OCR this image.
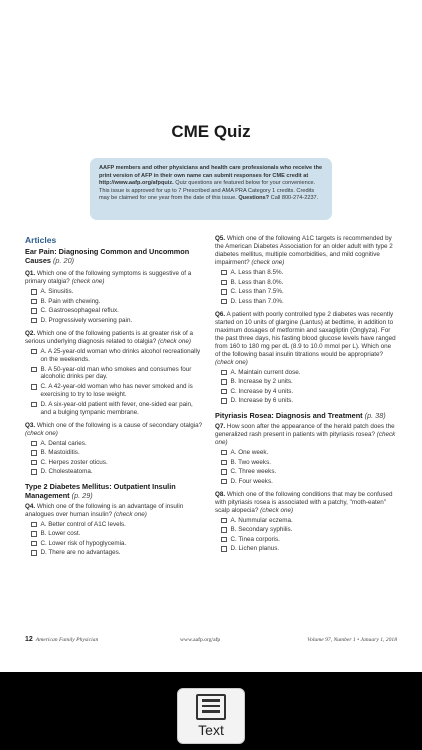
CME Quiz
AAFP members and other physicians and health care professionals who receive the print version of AFP in their own name can submit responses for CME credit at http://www.aafp.org/afpquiz. Quiz questions are featured below for your convenience. This issue is approved for up to 7 Prescribed and AMA PRA Category 1 credits. Credits may be claimed for one year from the date of this issue. Questions? Call 800-274-2237.
Articles
Ear Pain: Diagnosing Common and Uncommon Causes (p. 20)
Q1. Which one of the following symptoms is suggestive of a primary otalgia? (check one)
A. Sinusitis.
B. Pain with chewing.
C. Gastroesophageal reflux.
D. Progressively worsening pain.
Q2. Which one of the following patients is at greater risk of a serious underlying diagnosis related to otalgia? (check one)
A. A 25-year-old woman who drinks alcohol recreationally on the weekends.
B. A 50-year-old man who smokes and consumes four alcoholic drinks per day.
C. A 42-year-old woman who has never smoked and is exercising to try to lose weight.
D. A six-year-old patient with fever, one-sided ear pain, and a bulging tympanic membrane.
Q3. Which one of the following is a cause of secondary otalgia? (check one)
A. Dental caries.
B. Mastoiditis.
C. Herpes zoster oticus.
D. Cholesteatoma.
Type 2 Diabetes Mellitus: Outpatient Insulin Management (p. 29)
Q4. Which one of the following is an advantage of insulin analogues over human insulin? (check one)
A. Better control of A1C levels.
B. Lower cost.
C. Lower risk of hypoglycemia.
D. There are no advantages.
Q5. Which one of the following A1C targets is recommended by the American Diabetes Association for an older adult with type 2 diabetes mellitus, multiple comorbidities, and mild cognitive impairment? (check one)
A. Less than 8.5%.
B. Less than 8.0%.
C. Less than 7.5%.
D. Less than 7.0%.
Q6. A patient with poorly controlled type 2 diabetes was recently started on 10 units of glargine (Lantus) at bedtime, in addition to maximum dosages of metformin and saxagliptin (Onglyza). For the past three days, his fasting blood glucose levels have ranged from 160 to 180 mg per dL (8.9 to 10.0 mmol per L). Which one of the following basal insulin titrations would be appropriate? (check one)
A. Maintain current dose.
B. Increase by 2 units.
C. Increase by 4 units.
D. Increase by 6 units.
Pityriasis Rosea: Diagnosis and Treatment (p. 38)
Q7. How soon after the appearance of the herald patch does the generalized rash present in patients with pityriasis rosea? (check one)
A. One week.
B. Two weeks.
C. Three weeks.
D. Four weeks.
Q8. Which one of the following conditions that may be confused with pityriasis rosea is associated with a patchy, "moth-eaten" scalp alopecia? (check one)
A. Nummular eczema.
B. Secondary syphilis.
C. Tinea corporis.
D. Lichen planus.
12 American Family Physician	www.aafp.org/afp	Volume 97, Number 1 • January 1, 2018
Text
